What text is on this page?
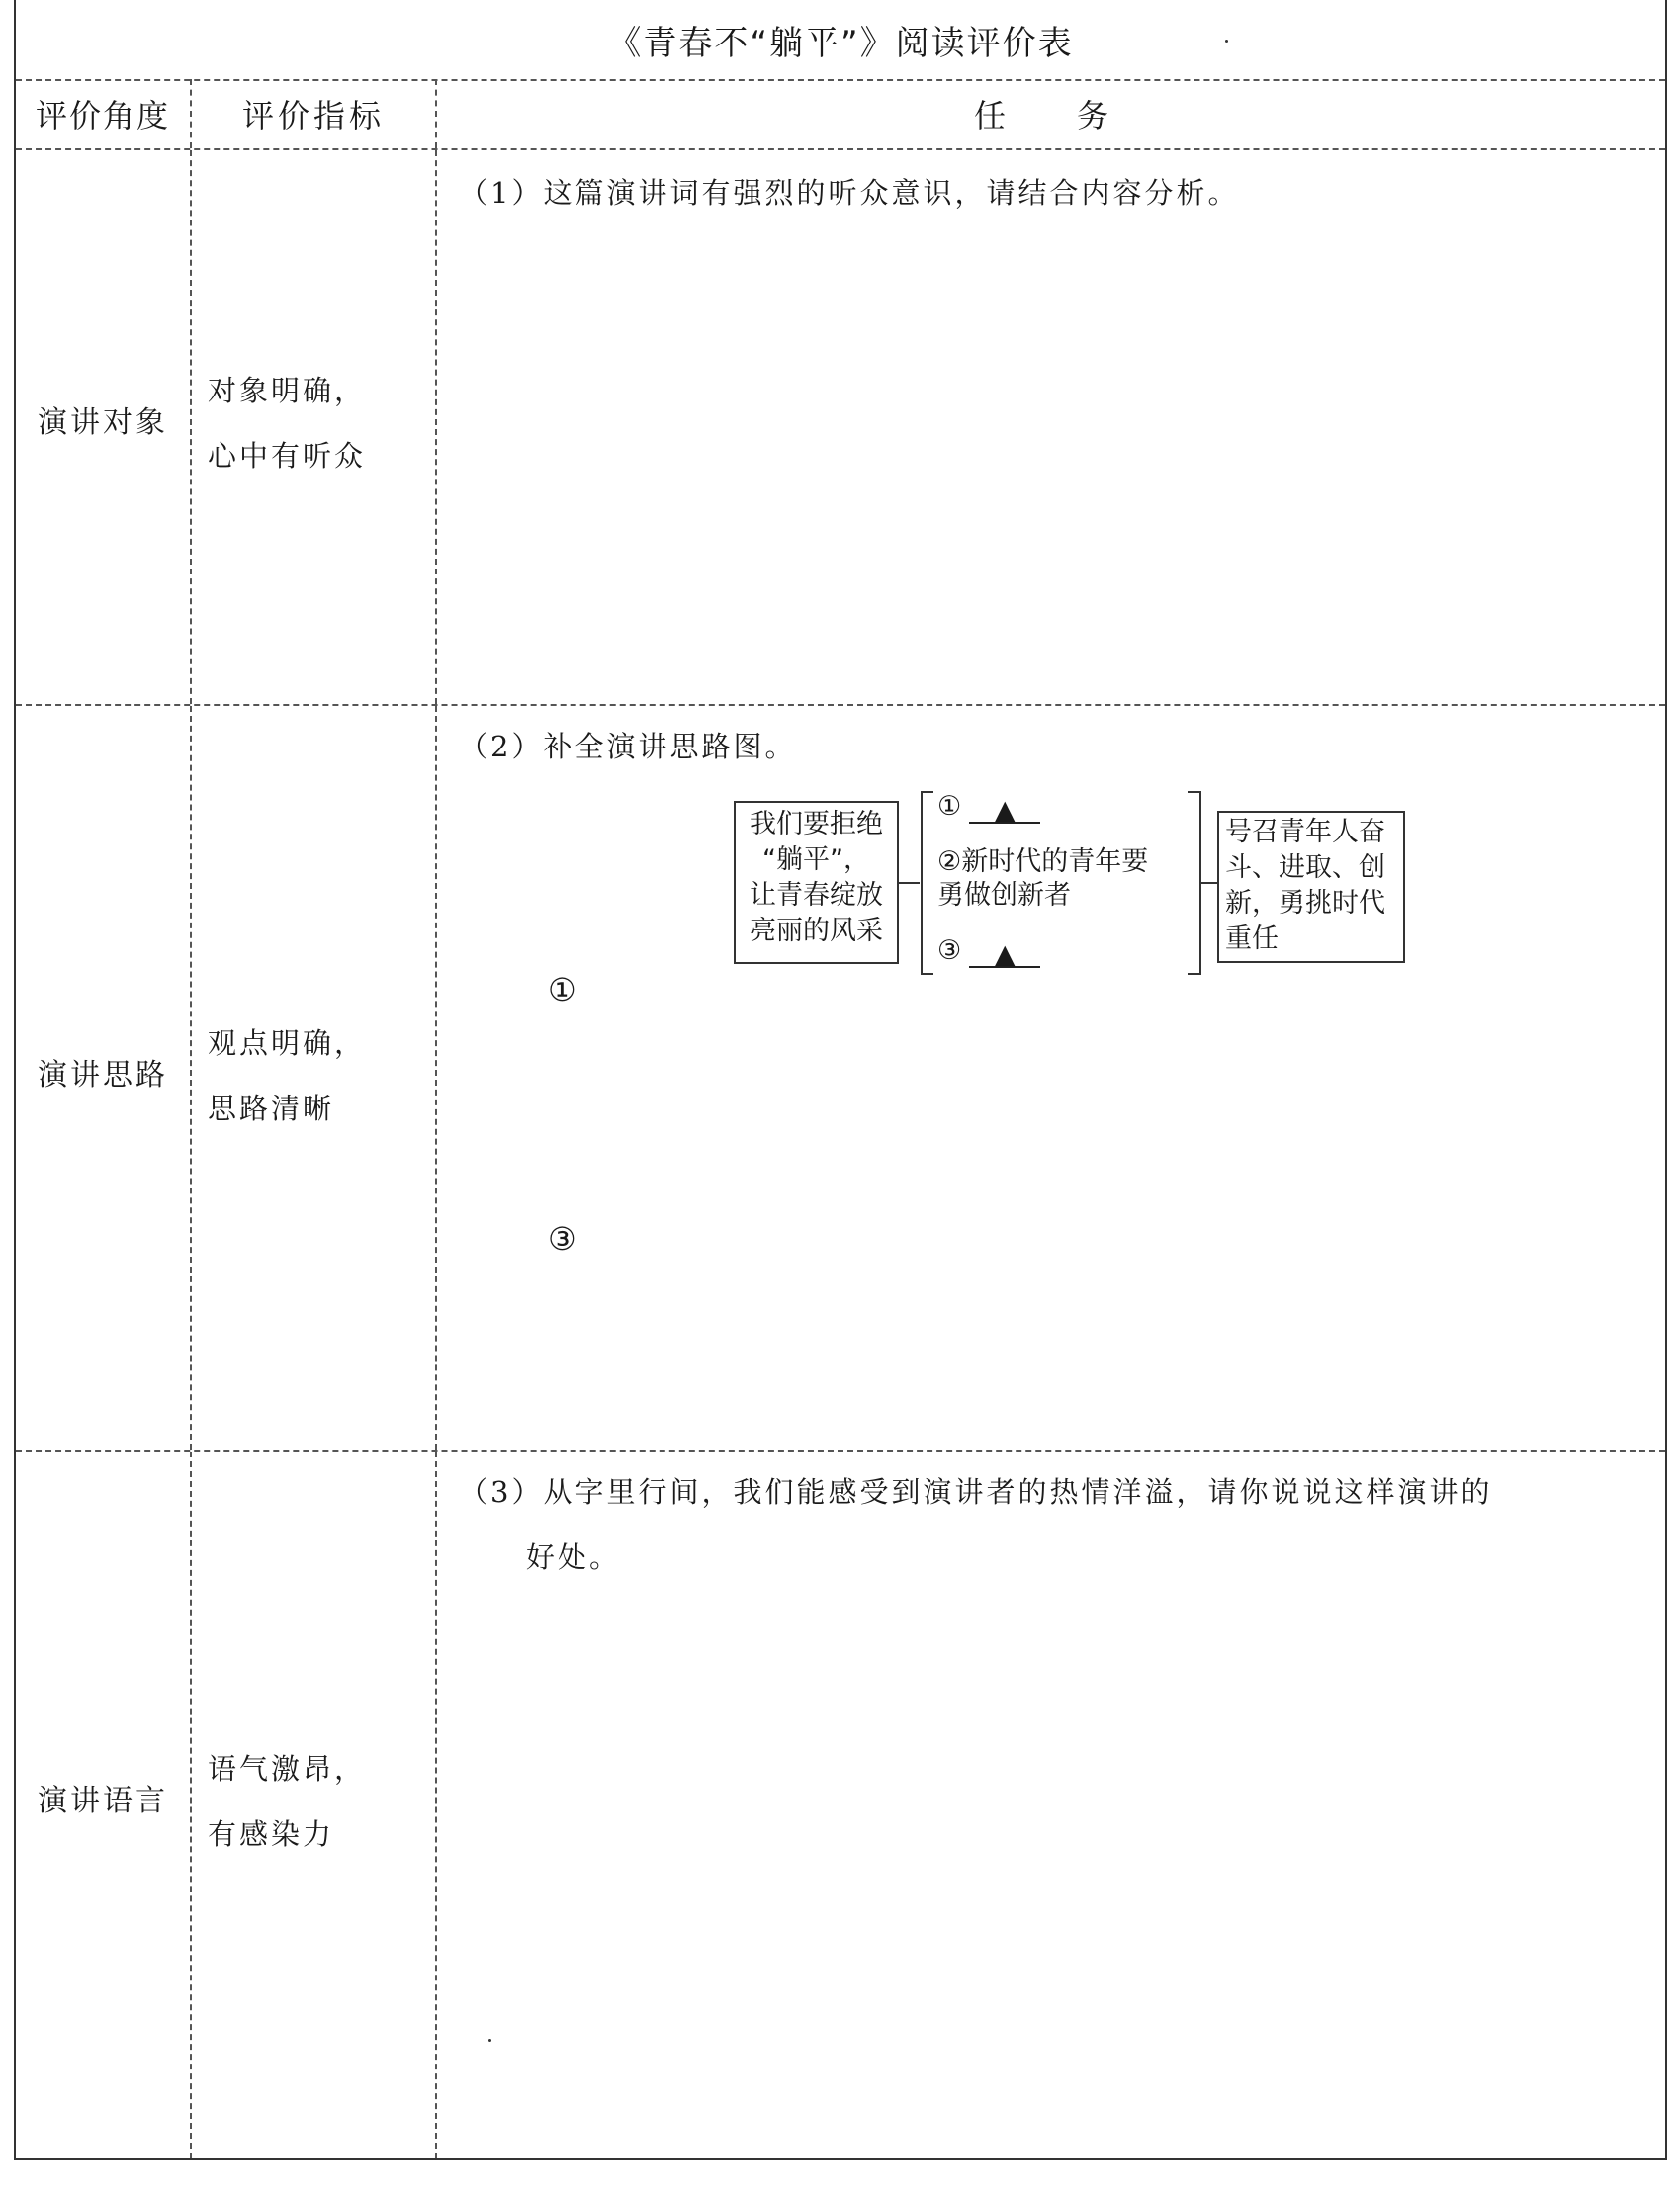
《青春不“躺平”》阅读评价表
评价角度	评价指标	任　务
演讲对象
对象明确，
心中有听众
（1）这篇演讲词有强烈的听众意识，请结合内容分析。
演讲思路
观点明确，
思路清晰
（2）补全演讲思路图。
我们要拒绝
“躺平”，
让青春绽放
亮丽的风采
① ▲
②新时代的青年要
勇做创新者
③ ▲
号召青年人奋
斗、进取、创
新，勇挑时代
重任
①
③
演讲语言
语气激昂，
有感染力
（3）从字里行间，我们能感受到演讲者的热情洋溢，请你说说这样演讲的
好处。
